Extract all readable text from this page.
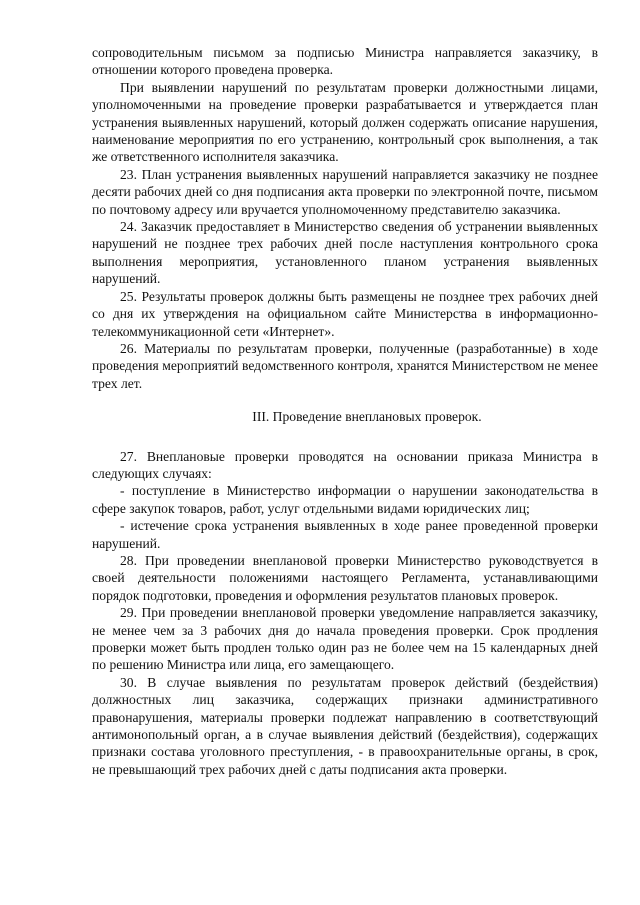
сопроводительным письмом за подписью Министра направляется заказчику, в отношении которого проведена проверка.

При выявлении нарушений по результатам проверки должностными лицами, уполномоченными на проведение проверки разрабатывается и утверждается план устранения выявленных нарушений, который должен содержать описание нарушения, наименование мероприятия по его устранению, контрольный срок выполнения, а так же ответственного исполнителя заказчика.

23. План устранения выявленных нарушений направляется заказчику не позднее десяти рабочих дней со дня подписания акта проверки по электронной почте, письмом по почтовому адресу или вручается уполномоченному представителю заказчика.

24. Заказчик предоставляет в Министерство сведения об устранении выявленных нарушений не позднее трех рабочих дней после наступления контрольного срока выполнения мероприятия, установленного планом устранения выявленных нарушений.

25. Результаты проверок должны быть размещены не позднее трех рабочих дней со дня их утверждения на официальном сайте Министерства в информационно-телекоммуникационной сети «Интернет».

26. Материалы по результатам проверки, полученные (разработанные) в ходе проведения мероприятий ведомственного контроля, хранятся Министерством не менее трех лет.

III. Проведение внеплановых проверок.

27. Внеплановые проверки проводятся на основании приказа Министра в следующих случаях:

- поступление в Министерство информации о нарушении законодательства в сфере закупок товаров, работ, услуг отдельными видами юридических лиц;

- истечение срока устранения выявленных в ходе ранее проведенной проверки нарушений.

28. При проведении внеплановой проверки Министерство руководствуется в своей деятельности положениями настоящего Регламента, устанавливающими порядок подготовки, проведения и оформления результатов плановых проверок.

29. При проведении внеплановой проверки уведомление направляется заказчику, не менее чем за 3 рабочих дня до начала проведения проверки. Срок продления проверки может быть продлен только один раз не более чем на 15 календарных дней по решению Министра или лица, его замещающего.

30. В случае выявления по результатам проверок действий (бездействия) должностных лиц заказчика, содержащих признаки административного правонарушения, материалы проверки подлежат направлению в соответствующий антимонопольный орган, а в случае выявления действий (бездействия), содержащих признаки состава уголовного преступления, - в правоохранительные органы, в срок, не превышающий трех рабочих дней с даты подписания акта проверки.
